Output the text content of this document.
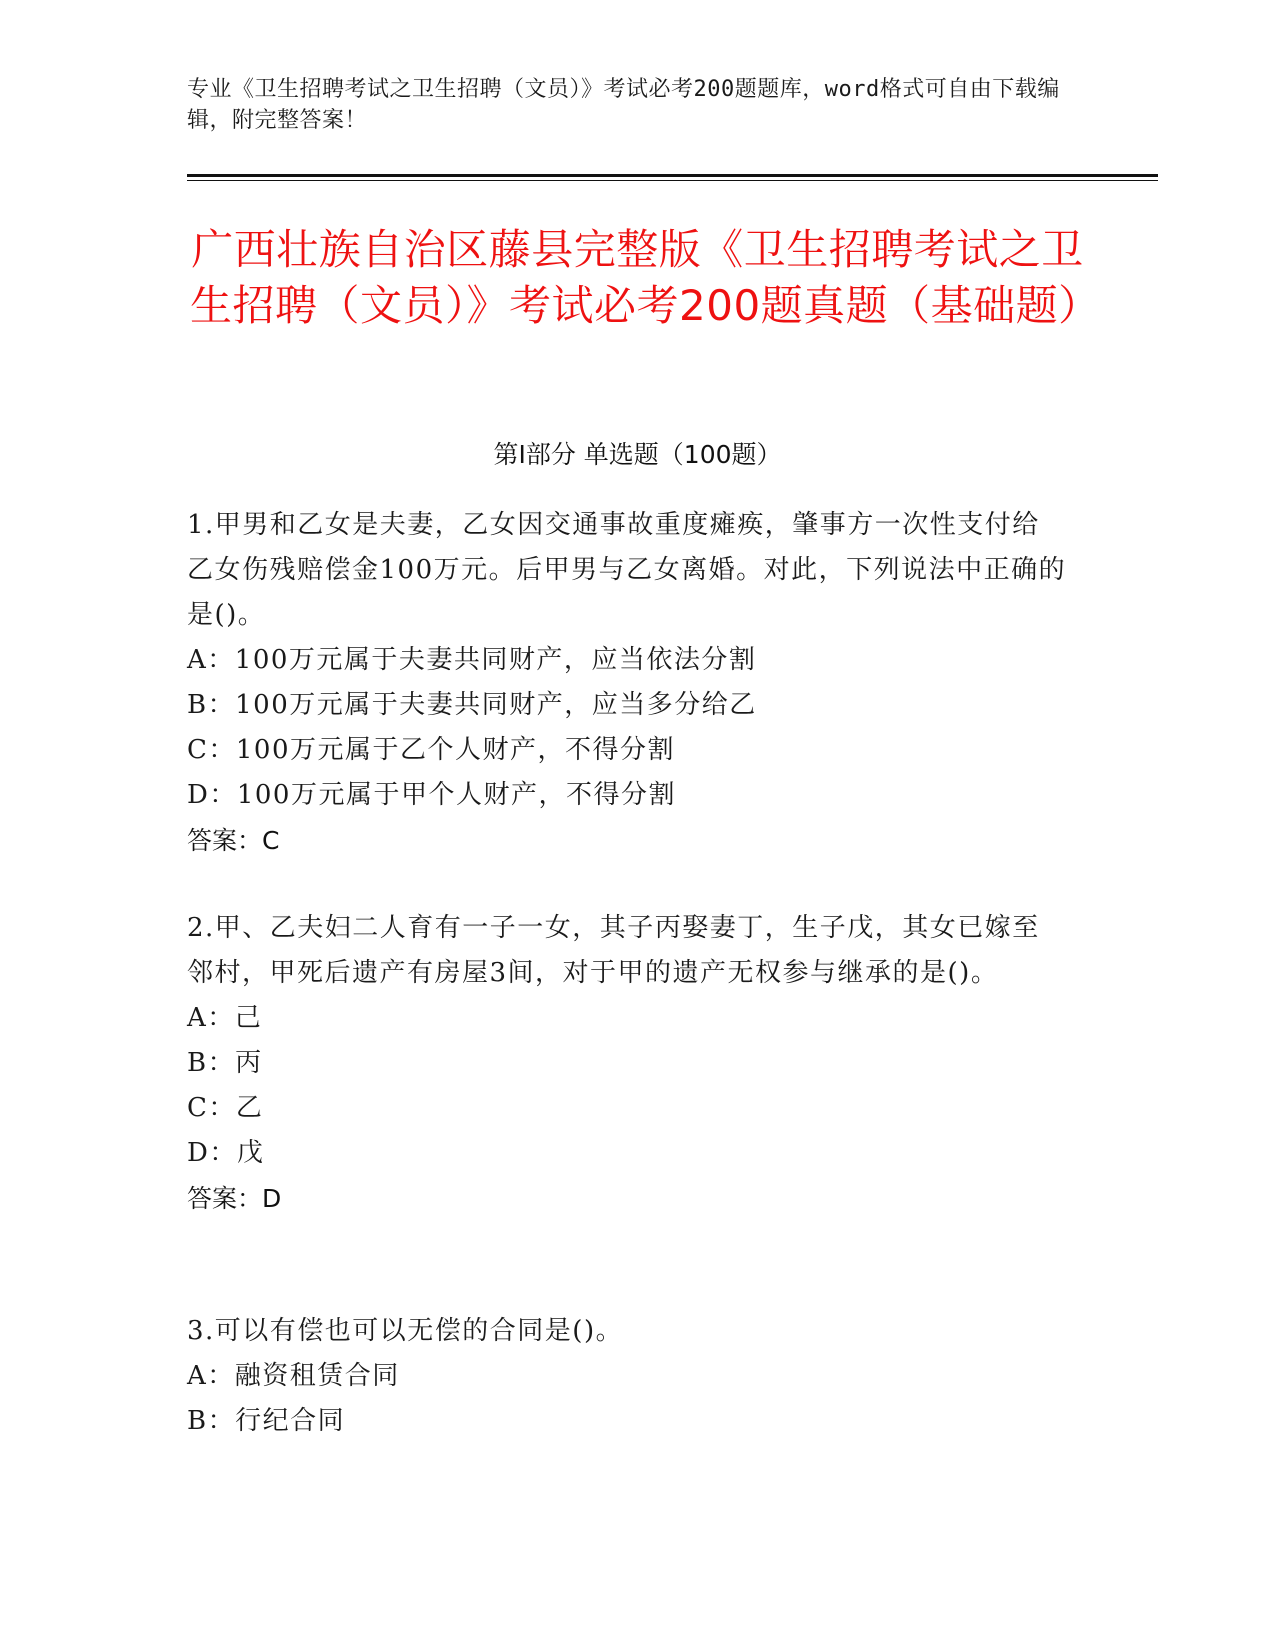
专业《卫生招聘考试之卫生招聘（文员）》考试必考200题题库，word格式可自由下载编辑，附完整答案！
广西壮族自治区藤县完整版《卫生招聘考试之卫生招聘（文员）》考试必考200题真题（基础题）
第Ⅰ部分 单选题（100题）
1.甲男和乙女是夫妻，乙女因交通事故重度瘫痪，肇事方一次性支付给乙女伤残赔偿金100万元。后甲男与乙女离婚。对此，下列说法中正确的是()。
A：100万元属于夫妻共同财产，应当依法分割
B：100万元属于夫妻共同财产，应当多分给乙
C：100万元属于乙个人财产，不得分割
D：100万元属于甲个人财产，不得分割
答案：C
2.甲、乙夫妇二人育有一子一女，其子丙娶妻丁，生子戊，其女已嫁至邻村，甲死后遗产有房屋3间，对于甲的遗产无权参与继承的是()。
A：己
B：丙
C：乙
D：戊
答案：D
3.可以有偿也可以无偿的合同是()。
A：融资租赁合同
B：行纪合同
